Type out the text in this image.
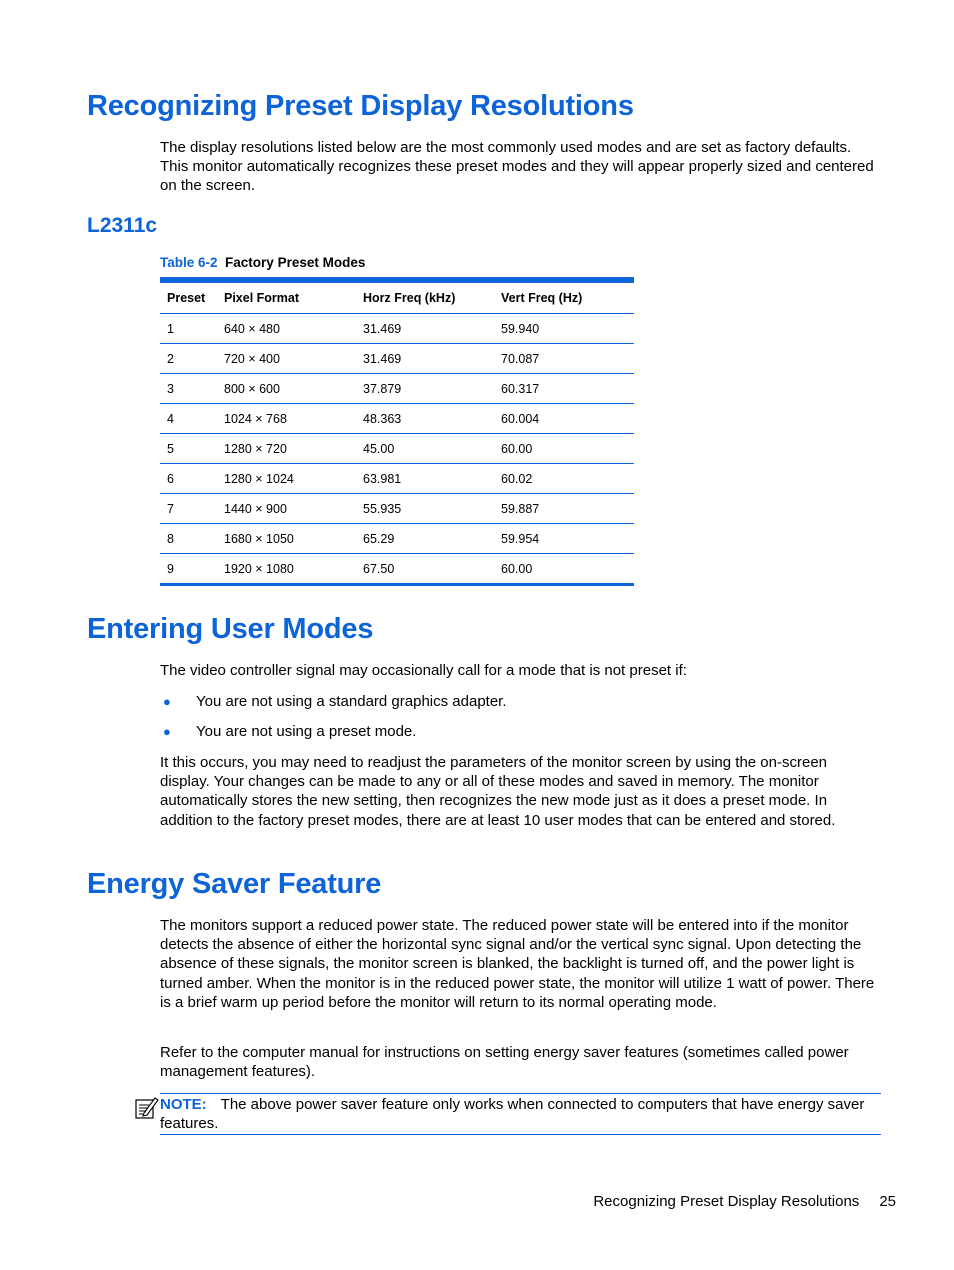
Recognizing Preset Display Resolutions

The display resolutions listed below are the most commonly used modes and are set as factory defaults. This monitor automatically recognizes these preset modes and they will appear properly sized and centered on the screen.

L2311c
Table 6-2 Factory Preset Modes
Preset	Pixel Format	Horz Freq (kHz)	Vert Freq (Hz)
1	640 × 480	31.469	59.940
2	720 × 400	31.469	70.087
3	800 × 600	37.879	60.317
4	1024 × 768	48.363	60.004
5	1280 × 720	45.00	60.00
6	1280 × 1024	63.981	60.02
7	1440 × 900	55.935	59.887
8	1680 × 1050	65.29	59.954
9	1920 × 1080	67.50	60.00
Entering User Modes

The video controller signal may occasionally call for a mode that is not preset if:

● You are not using a standard graphics adapter.
● You are not using a preset mode.

It this occurs, you may need to readjust the parameters of the monitor screen by using the on-screen display. Your changes can be made to any or all of these modes and saved in memory. The monitor automatically stores the new setting, then recognizes the new mode just as it does a preset mode. In addition to the factory preset modes, there are at least 10 user modes that can be entered and stored.

Energy Saver Feature

The monitors support a reduced power state. The reduced power state will be entered into if the monitor detects the absence of either the horizontal sync signal and/or the vertical sync signal. Upon detecting the absence of these signals, the monitor screen is blanked, the backlight is turned off, and the power light is turned amber. When the monitor is in the reduced power state, the monitor will utilize 1 watt of power. There is a brief warm up period before the monitor will return to its normal operating mode.

Refer to the computer manual for instructions on setting energy saver features (sometimes called power management features).

NOTE: The above power saver feature only works when connected to computers that have energy saver features.
Recognizing Preset Display Resolutions 25
